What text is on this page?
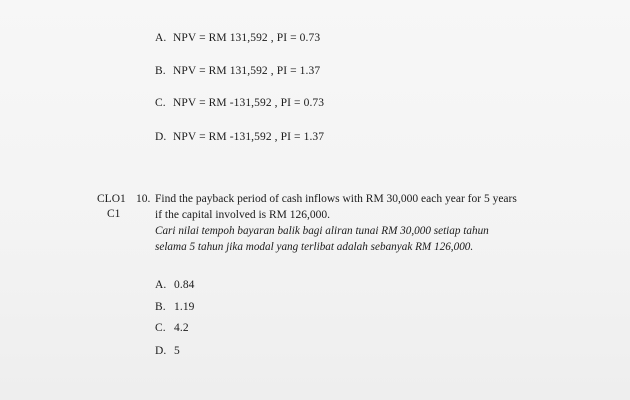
A. NPV = RM 131,592 , PI = 0.73
B. NPV = RM 131,592 , PI = 1.37
C. NPV = RM -131,592 , PI = 0.73
D. NPV = RM -131,592 , PI = 1.37
CLO1
C1
10. Find the payback period of cash inflows with RM 30,000 each year for 5 years
if the capital involved is RM 126,000.
Cari nilai tempoh bayaran balik bagi aliran tunai RM 30,000 setiap tahun
selama 5 tahun jika modal yang terlibat adalah sebanyak RM 126,000.
A. 0.84
B. 1.19
C. 4.2
D. 5
